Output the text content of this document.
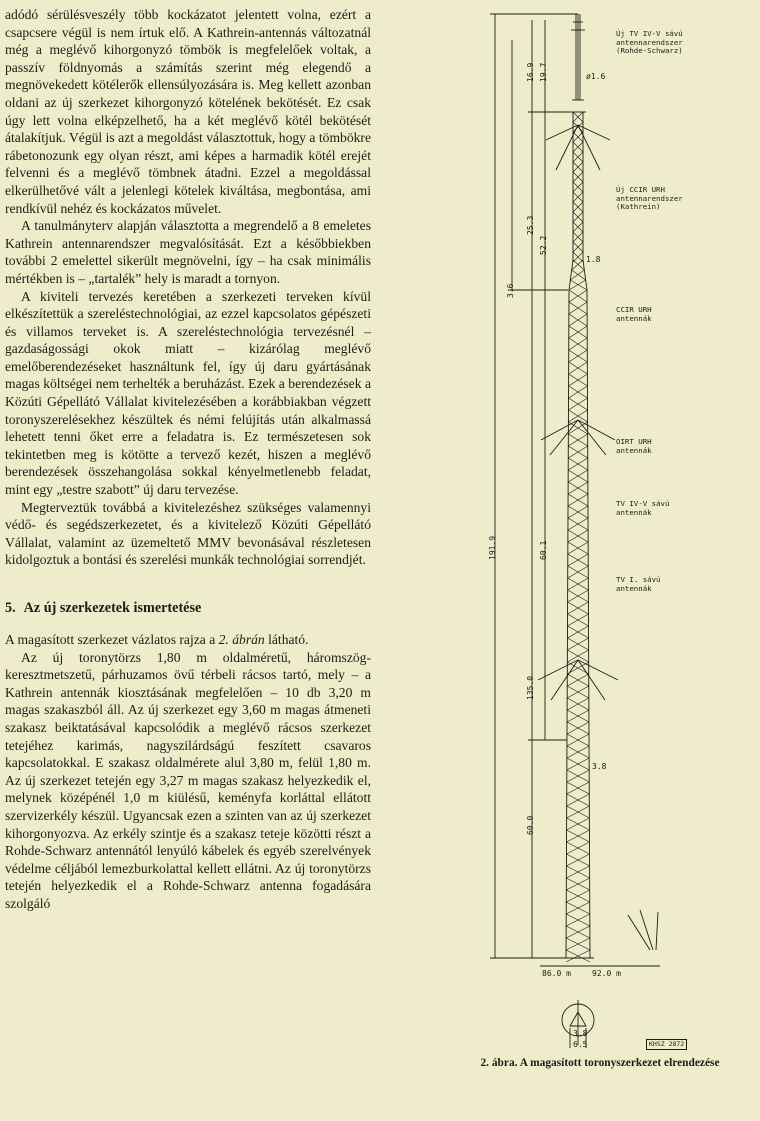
adódó sérülésveszély több kockázatot jelentett volna, ezért a csapcsere végül is nem írtuk elő. A Kathrein-antennás változatnál még a meglévő kihorgonyzó tömbök is megfelelőek voltak, a passzív földnyomás a számítás szerint még elegendő a megnövekedett kötélerők ellensúlyozására is. Meg kellett azonban oldani az új szerkezet kihorgonyzó kötelének bekötését. Ez csak úgy lett volna elképzelhető, ha a két meglévő kötél bekötését átalakítjuk. Végül is azt a megoldást választottuk, hogy a tömbökre rábetonozunk egy olyan részt, ami képes a harmadik kötél erejét felvenni és a meglévő tömbnek átadni. Ezzel a megoldással elkerülhetővé vált a jelenlegi kötelek kiváltása, megbontása, ami rendkívül nehéz és kockázatos művelet.

A tanulmányterv alapján választotta a megrendelő a 8 emeletes Kathrein antennarendszer megvalósítását. Ezt a későbbiekben további 2 emelettel sikerült megnövelni, így – ha csak minimális mértékben is – „tartalék” hely is maradt a tornyon.

A kiviteli tervezés keretében a szerkezeti terveken kívül elkészítettük a szereléstechnológiai, az ezzel kapcsolatos gépészeti és villamos terveket is. A szereléstechnológia tervezésnél – gazdaságossági okok miatt – kizárólag meglévő emelőberendezéseket használtunk fel, így új daru gyártásának magas költségei nem terhelték a beruházást. Ezek a berendezések a Közúti Gépellátó Vállalat kivitelezésében a korábbiakban végzett toronyszerelésekhez készültek és némi felújítás után alkalmassá lehetett tenni őket erre a feladatra is. Ez természetesen sok tekintetben meg is kötötte a tervező kezét, hiszen a meglévő berendezések összehangolása sokkal kényelmetlenebb feladat, mint egy „testre szabott” új daru tervezése.

Megterveztük továbbá a kivitelezéshez szükséges valamennyi védő- és segédszerkezetet, és a kivitelező Közúti Gépellátó Vállalat, valamint az üzemeltető MMV bevonásával részletesen kidolgoztuk a bontási és szerelési munkák technológiai sorrendjét.

5. Az új szerkezetek ismertetése

A magasított szerkezet vázlatos rajza a 2. ábrán látható.

Az új toronytörzs 1,80 m oldalméretű, háromszög-keresztmetszetű, párhuzamos övű térbeli rácsos tartó, mely – a Kathrein antennák kiosztásának megfelelően – 10 db 3,20 m magas szakaszból áll. Az új szerkezet egy 3,60 m magas átmeneti szakasz beiktatásával kapcsolódik a meglévő rácsos szerkezet tetejéhez karimás, nagyszilárdságú feszített csavaros kapcsolatokkal. E szakasz oldalmérete alul 3,80 m, felül 1,80 m. Az új szerkezet tetején egy 3,27 m magas szakasz helyezkedik el, melynek középénél 1,0 m kiülésű, keményfa korláttal ellátott szervizerkély készül. Ugyancsak ezen a szinten van az új szerkezet kihorgonyozva. Az erkély szintje és a szakasz teteje közötti részt a Rohde-Schwarz antennától lenyúló kábelek és egyéb szerelvények védelme céljából lemezburkolattal kellett ellátni. Az új toronytörzs tetején helyezkedik el a Rohde-Schwarz antenna fogadására szolgáló

Új TV IV-V sávú
antennarendszer
(Rohde-Schwarz)
Új CCIR URH
antennarendszer
(Kathrein)
CCIR URH
antennák
OIRT URH
antennák
TV IV-V sávú
antennák
TV I. sávú
antennák
16.9 19.7	ø1.6
25.3
52.2
3.6
1.8
191.9	60.1
135.0
60.0
3.8
86.0 m	92.0 m
3.8
6.5	KHSZ 2872
2. ábra. A magasított toronyszerkezet elrendezése
